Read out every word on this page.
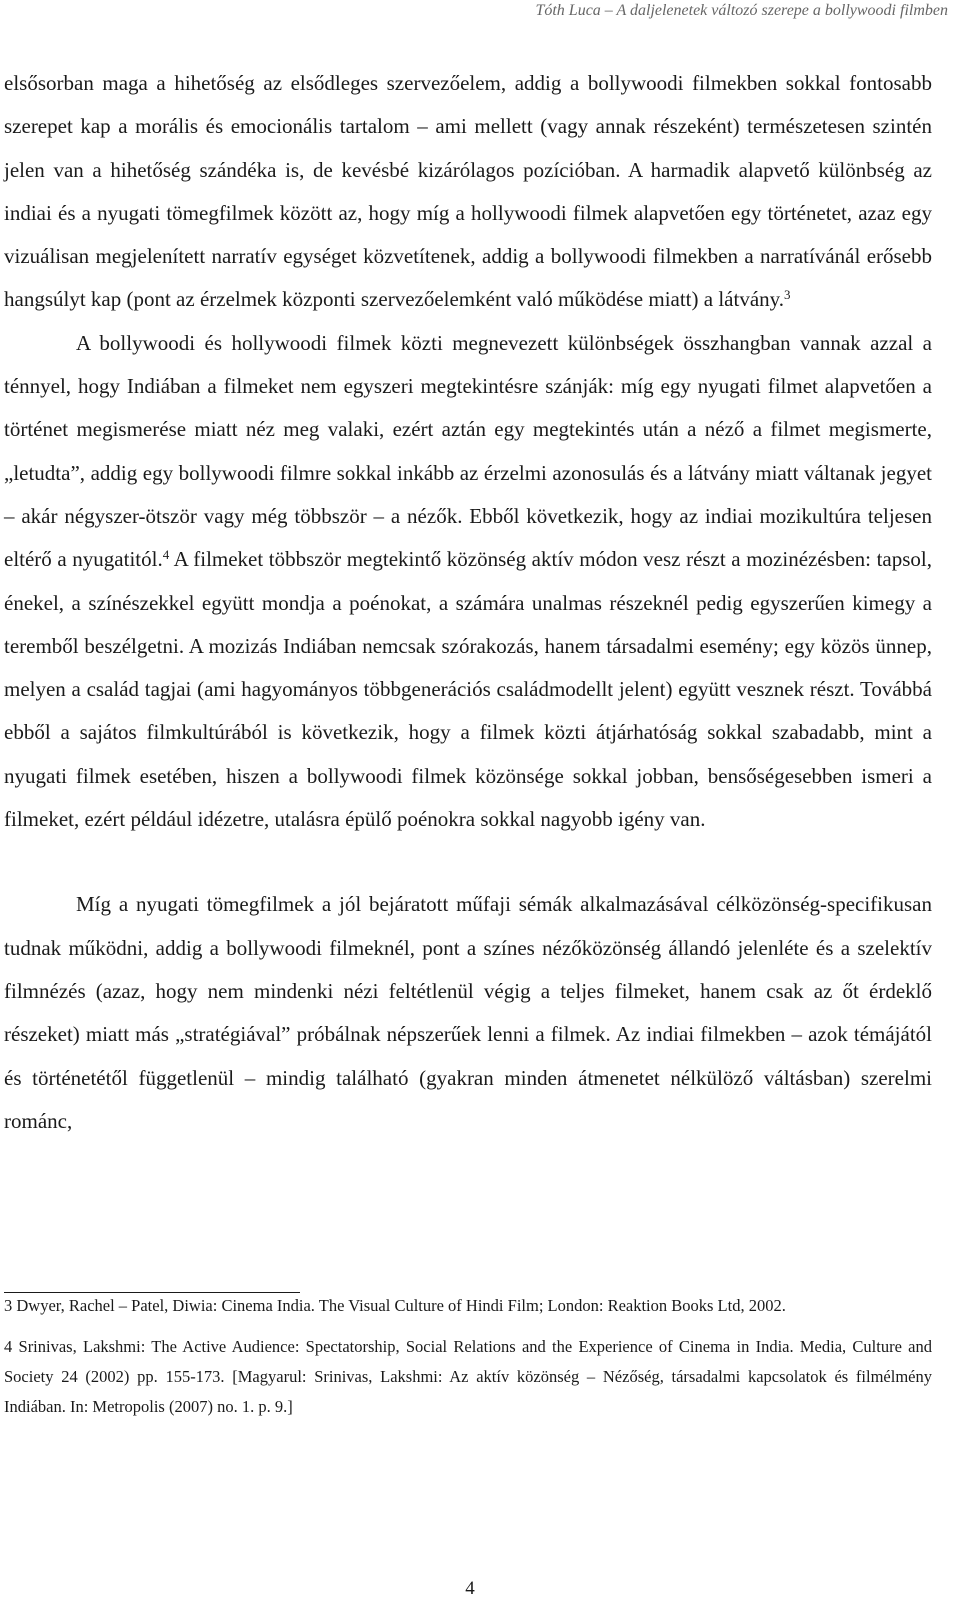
Tóth Luca – A daljelenetek változó szerepe a bollywoodi filmben

elsősorban maga a hihetőség az elsődleges szervezőelem, addig a bollywoodi filmekben sokkal fontosabb szerepet kap a morális és emocionális tartalom ‒ ami mellett (vagy annak részeként) természetesen szintén jelen van a hihetőség szándéka is, de kevésbé kizárólagos pozícióban. A harmadik alapvető különbség az indiai és a nyugati tömegfilmek között az, hogy míg a hollywoodi filmek alapvetően egy történetet, azaz egy vizuálisan megjelenített narratív egységet közvetítenek, addig a bollywoodi filmekben a narratívánál erősebb hangsúlyt kap (pont az érzelmek központi szervezőelemként való működése miatt) a látvány.$^3$

A bollywoodi és hollywoodi filmek közti megnevezett különbségek összhangban vannak azzal a ténnyel, hogy Indiában a filmeket nem egyszeri megtekintésre szánják: míg egy nyugati filmet alapvetően a történet megismerése miatt néz meg valaki, ezért aztán egy megtekintés után a néző a filmet megismerte, „letudta”, addig egy bollywoodi filmre sokkal inkább az érzelmi azonosulás és a látvány miatt váltanak jegyet ‒ akár négyszer-ötször vagy még többször ‒ a nézők. Ebből következik, hogy az indiai mozikultúra teljesen eltérő a nyugatitól.$^4$ A filmeket többször megtekintő közönség aktív módon vesz részt a mozinézésben: tapsol, énekel, a színészekkel együtt mondja a poénokat, a számára unalmas részeknél pedig egyszerűen kimegy a teremből beszélgetni. A mozizás Indiában nemcsak szórakozás, hanem társadalmi esemény; egy közös ünnep, melyen a család tagjai (ami hagyományos többgenerációs családmodellt jelent) együtt vesznek részt. Továbbá ebből a sajátos filmkultúrából is következik, hogy a filmek közti átjárhatóság sokkal szabadabb, mint a nyugati filmek esetében, hiszen a bollywoodi filmek közönsége sokkal jobban, bensőségesebben ismeri a filmeket, ezért például idézetre, utalásra épülő poénokra sokkal nagyobb igény van.

Míg a nyugati tömegfilmek a jól bejáratott műfaji sémák alkalmazásával célközönség-specifikusan tudnak működni, addig a bollywoodi filmeknél, pont a színes nézőközönség állandó jelenléte és a szelektív filmnézés (azaz, hogy nem mindenki nézi feltétlenül végig a teljes filmeket, hanem csak az őt érdeklő részeket) miatt más „stratégiával” próbálnak népszerűek lenni a filmek. Az indiai filmekben ‒ azok témájától és történetétől függetlenül ‒ mindig található (gyakran minden átmenetet nélkülöző váltásban) szerelmi románc,

3 Dwyer, Rachel ‒ Patel, Diwia: Cinema India. The Visual Culture of Hindi Film; London: Reaktion Books Ltd, 2002.

4 Srinivas, Lakshmi: The Active Audience: Spectatorship, Social Relations and the Experience of Cinema in India. Media, Culture and Society 24 (2002) pp. 155-173. [Magyarul: Srinivas, Lakshmi: Az aktív közönség ‒ Nézőség, társadalmi kapcsolatok és filmélmény Indiában. In: Metropolis (2007) no. 1. p. 9.]

4
